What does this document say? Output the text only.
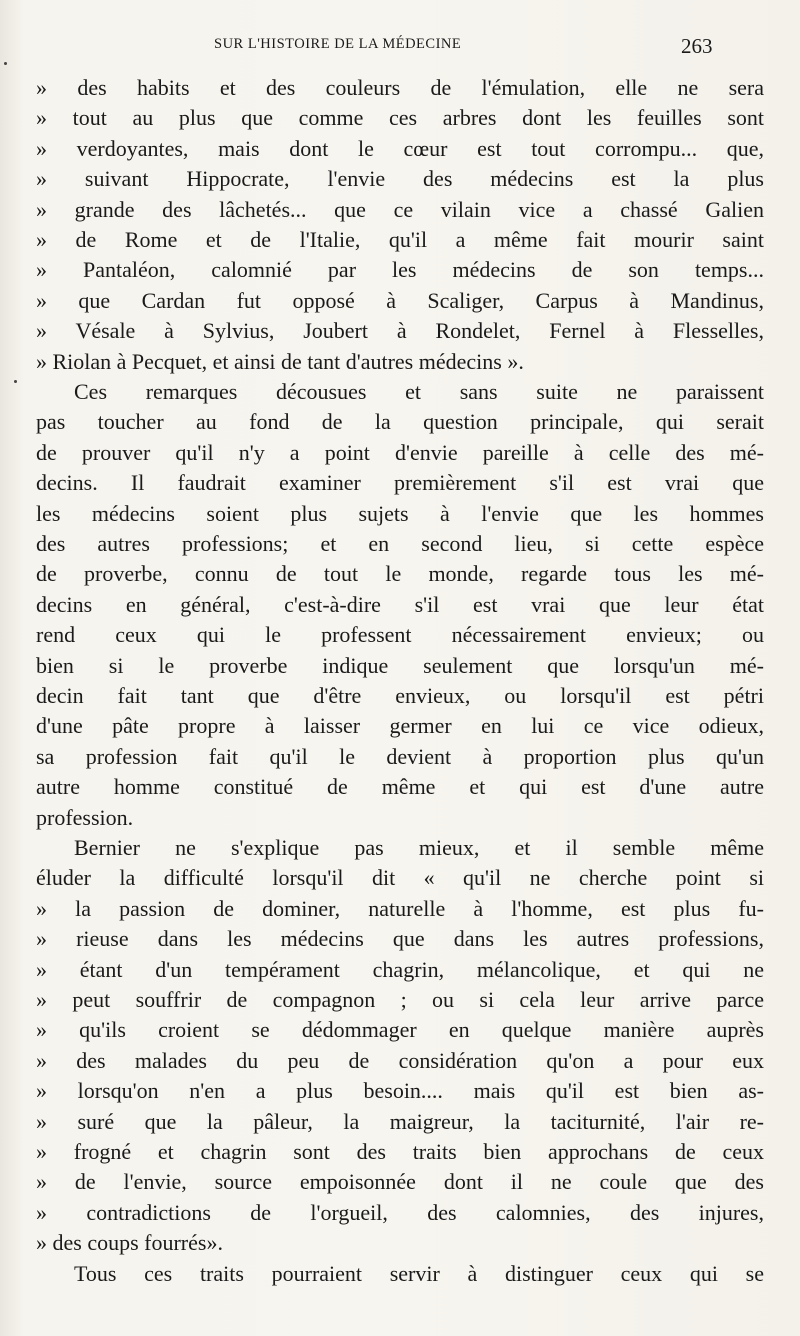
SUR L'HISTOIRE DE LA MÉDECINE	263
» des habits et des couleurs de l'émulation, elle ne sera
» tout au plus que comme ces arbres dont les feuilles sont
» verdoyantes, mais dont le cœur est tout corrompu... que,
» suivant Hippocrate, l'envie des médecins est la plus
» grande des lâchetés... que ce vilain vice a chassé Galien
» de Rome et de l'Italie, qu'il a même fait mourir saint
» Pantaléon, calomnié par les médecins de son temps...
» que Cardan fut opposé à Scaliger, Carpus à Mandinus,
» Vésale à Sylvius, Joubert à Rondelet, Fernel à Flesselles,
» Riolan à Pecquet, et ainsi de tant d'autres médecins ».
Ces remarques décousues et sans suite ne paraissent
pas toucher au fond de la question principale, qui serait
de prouver qu'il n'y a point d'envie pareille à celle des mé-
decins. Il faudrait examiner premièrement s'il est vrai que
les médecins soient plus sujets à l'envie que les hommes
des autres professions; et en second lieu, si cette espèce
de proverbe, connu de tout le monde, regarde tous les mé-
decins en général, c'est-à-dire s'il est vrai que leur état
rend ceux qui le professent nécessairement envieux; ou
bien si le proverbe indique seulement que lorsqu'un mé-
decin fait tant que d'être envieux, ou lorsqu'il est pétri
d'une pâte propre à laisser germer en lui ce vice odieux,
sa profession fait qu'il le devient à proportion plus qu'un
autre homme constitué de même et qui est d'une autre
profession.
Bernier ne s'explique pas mieux, et il semble même
éluder la difficulté lorsqu'il dit « qu'il ne cherche point si
» la passion de dominer, naturelle à l'homme, est plus fu-
» rieuse dans les médecins que dans les autres professions,
» étant d'un tempérament chagrin, mélancolique, et qui ne
» peut souffrir de compagnon ; ou si cela leur arrive parce
» qu'ils croient se dédommager en quelque manière auprès
» des malades du peu de considération qu'on a pour eux
» lorsqu'on n'en a plus besoin.... mais qu'il est bien as-
» suré que la pâleur, la maigreur, la taciturnité, l'air re-
» frogné et chagrin sont des traits bien approchans de ceux
» de l'envie, source empoisonnée dont il ne coule que des
» contradictions de l'orgueil, des calomnies, des injures,
» des coups fourrés».
Tous ces traits pourraient servir à distinguer ceux qui se
